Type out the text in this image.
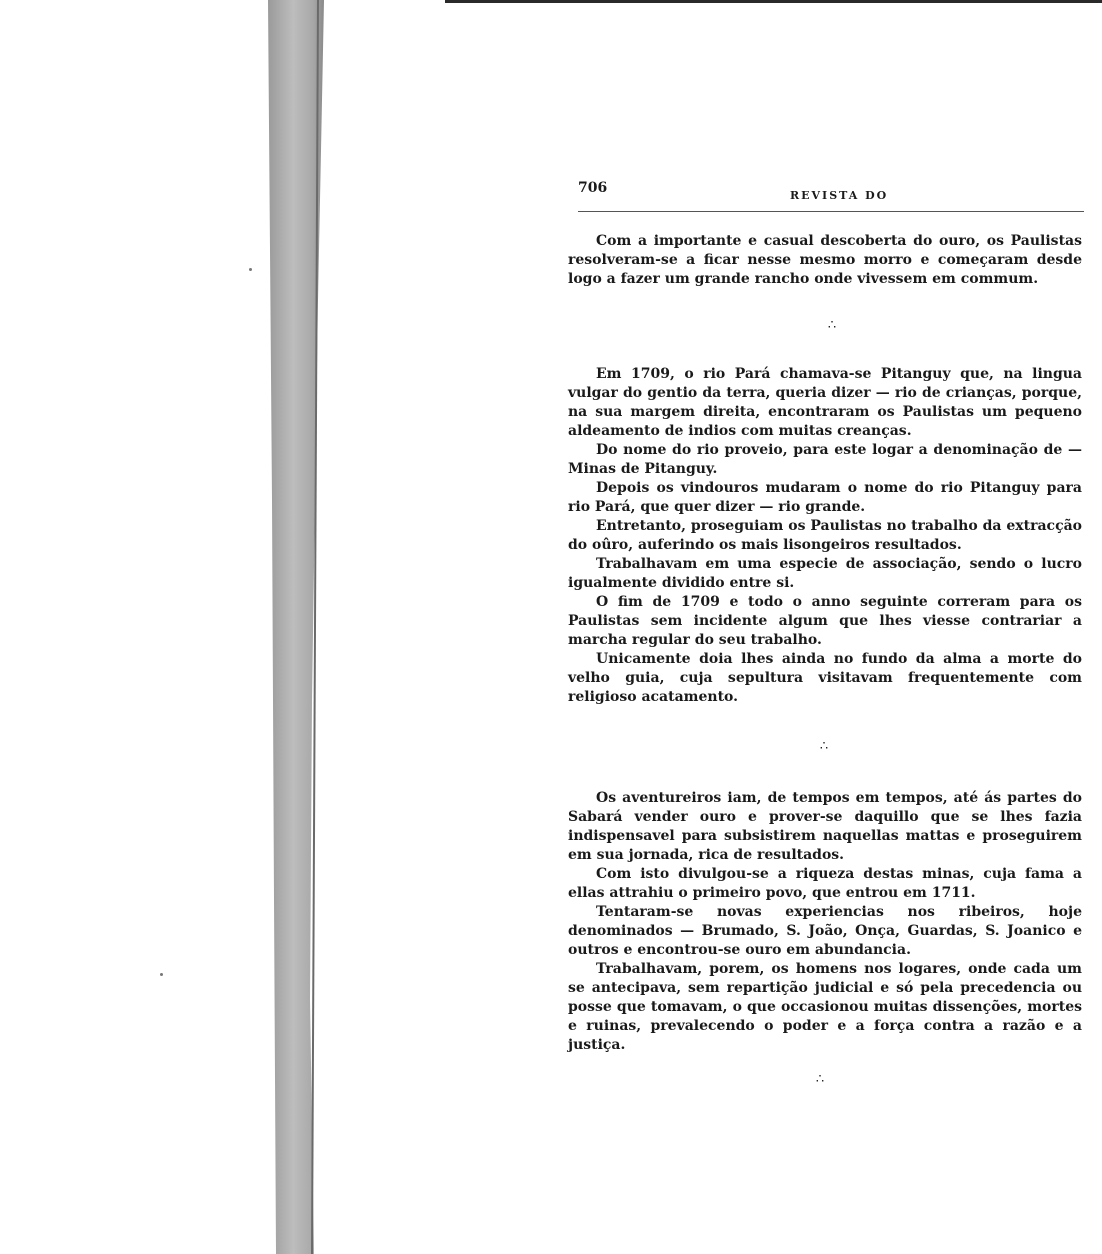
706	REVISTA DO

Com a importante e casual descoberta do ouro, os Paulistas resolveram-se a ficar nesse mesmo morro e começaram desde logo a fazer um grande rancho onde vivessem em commum.

∴

Em 1709, o rio Pará chamava-se Pitanguy que, na lingua vulgar do gentio da terra, queria dizer — rio de crianças, porque, na sua margem direita, encontraram os Paulistas um pequeno aldeamento de indios com muitas creanças.

Do nome do rio proveio, para este logar a denominação de — Minas de Pitanguy.

Depois os vindouros mudaram o nome do rio Pitanguy para rio Pará, que quer dizer — rio grande.

Entretanto, proseguiam os Paulistas no trabalho da extracção do oûro, auferindo os mais lisongeiros resultados.

Trabalhavam em uma especie de associação, sendo o lucro igualmente dividido entre si.

O fim de 1709 e todo o anno seguinte correram para os Paulistas sem incidente algum que lhes viesse contrariar a marcha regular do seu trabalho.

Unicamente doia lhes ainda no fundo da alma a morte do velho guia, cuja sepultura visitavam frequentemente com religioso acatamento.

∴

Os aventureiros iam, de tempos em tempos, até ás partes do Sabará vender ouro e prover-se daquillo que se lhes fazia indispensavel para subsistirem naquellas mattas e proseguirem em sua jornada, rica de resultados.

Com isto divulgou-se a riqueza destas minas, cuja fama a ellas attrahiu o primeiro povo, que entrou em 1711.

Tentaram-se novas experiencias nos ribeiros, hoje denominados — Brumado, S. João, Onça, Guardas, S. Joanico e outros e encontrou-se ouro em abundancia.

Trabalhavam, porem, os homens nos logares, onde cada um se antecipava, sem repartição judicial e só pela precedencia ou posse que tomavam, o que occasionou muitas dissenções, mortes e ruinas, prevalecendo o poder e a força contra a razão e a justiça.

∴
